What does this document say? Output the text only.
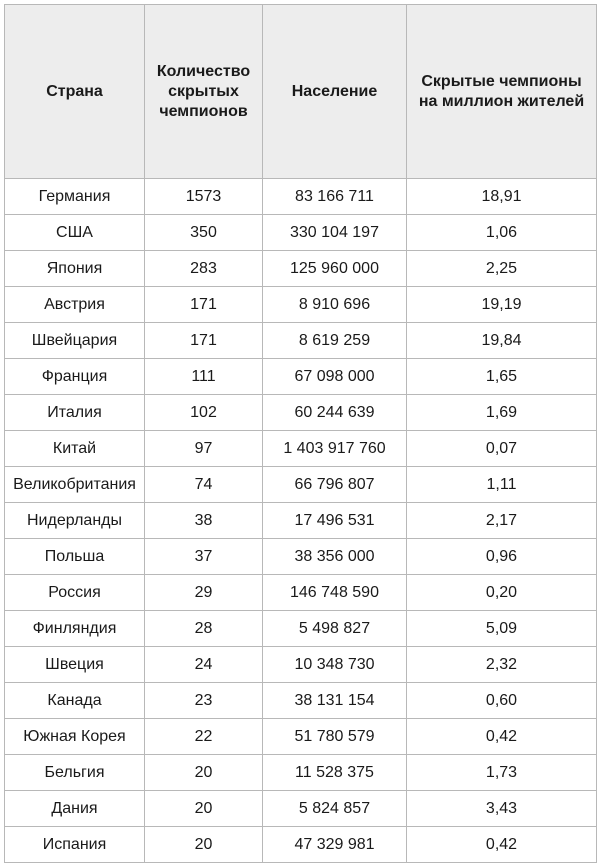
Страна	Количество скрытых чемпионов	Население	Скрытые чемпионы на миллион жителей
Германия	1573	83 166 711	18,91
США	350	330 104 197	1,06
Япония	283	125 960 000	2,25
Австрия	171	8 910 696	19,19
Швейцария	171	8 619 259	19,84
Франция	111	67 098 000	1,65
Италия	102	60 244 639	1,69
Китай	97	1 403 917 760	0,07
Великобритания	74	66 796 807	1,11
Нидерланды	38	17 496 531	2,17
Польша	37	38 356 000	0,96
Россия	29	146 748 590	0,20
Финляндия	28	5 498 827	5,09
Швеция	24	10 348 730	2,32
Канада	23	38 131 154	0,60
Южная Корея	22	51 780 579	0,42
Бельгия	20	11 528 375	1,73
Дания	20	5 824 857	3,43
Испания	20	47 329 981	0,42
